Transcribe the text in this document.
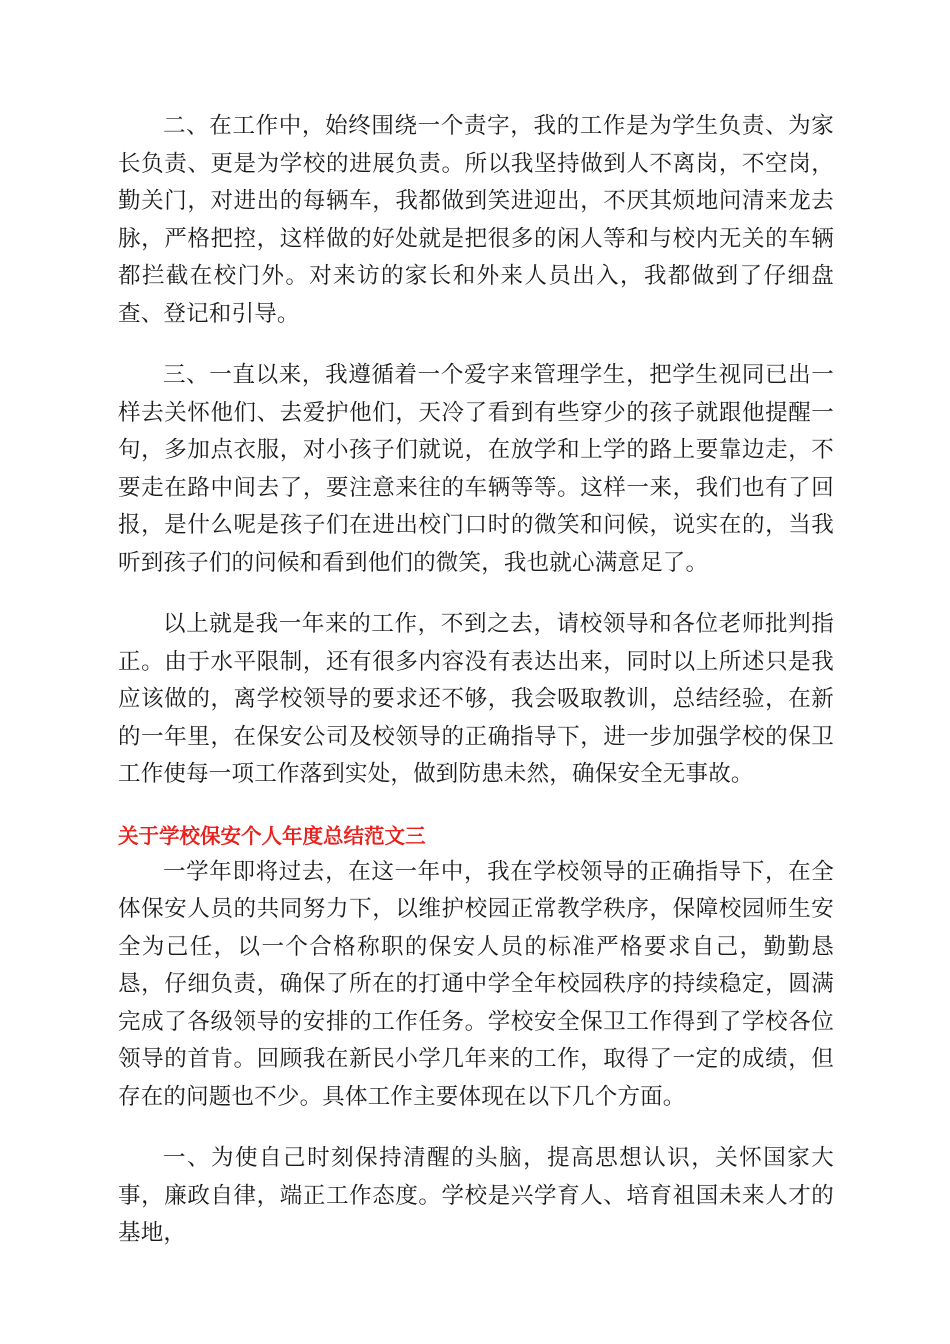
二、在工作中，始终围绕一个责字，我的工作是为学生负责、为家长负责、更是为学校的进展负责。所以我坚持做到人不离岗，不空岗，勤关门，对进出的每辆车，我都做到笑进迎出，不厌其烦地问清来龙去脉，严格把控，这样做的好处就是把很多的闲人等和与校内无关的车辆都拦截在校门外。对来访的家长和外来人员出入，我都做到了仔细盘查、登记和引导。

三、一直以来，我遵循着一个爱字来管理学生，把学生视同已出一样去关怀他们、去爱护他们，天冷了看到有些穿少的孩子就跟他提醒一句，多加点衣服，对小孩子们就说，在放学和上学的路上要靠边走，不要走在路中间去了，要注意来往的车辆等等。这样一来，我们也有了回报，是什么呢是孩子们在进出校门口时的微笑和问候，说实在的，当我听到孩子们的问候和看到他们的微笑，我也就心满意足了。

以上就是我一年来的工作，不到之去，请校领导和各位老师批判指正。由于水平限制，还有很多内容没有表达出来，同时以上所述只是我应该做的，离学校领导的要求还不够，我会吸取教训，总结经验，在新的一年里，在保安公司及校领导的正确指导下，进一步加强学校的保卫工作使每一项工作落到实处，做到防患未然，确保安全无事故。

关于学校保安个人年度总结范文三

一学年即将过去，在这一年中，我在学校领导的正确指导下，在全体保安人员的共同努力下，以维护校园正常教学秩序，保障校园师生安全为己任，以一个合格称职的保安人员的标准严格要求自己，勤勤恳恳，仔细负责，确保了所在的打通中学全年校园秩序的持续稳定，圆满完成了各级领导的安排的工作任务。学校安全保卫工作得到了学校各位领导的首肯。回顾我在新民小学几年来的工作，取得了一定的成绩，但存在的问题也不少。具体工作主要体现在以下几个方面。

一、为使自己时刻保持清醒的头脑，提高思想认识，关怀国家大事，廉政自律，端正工作态度。学校是兴学育人、培育祖国未来人才的基地，
